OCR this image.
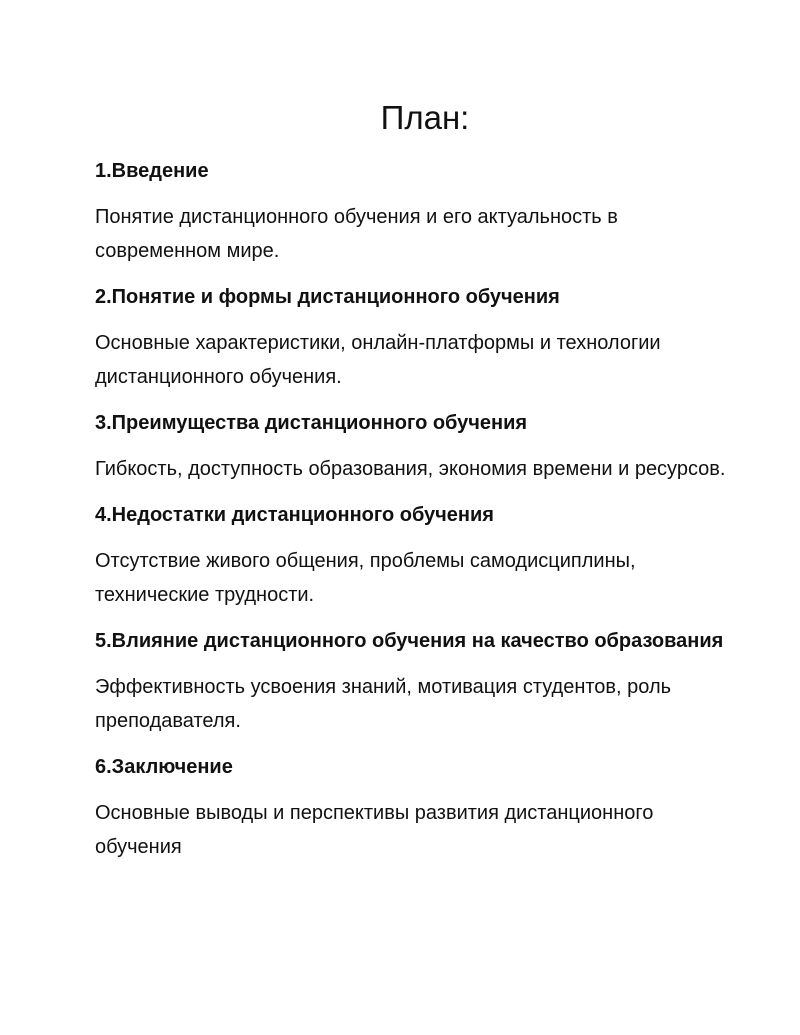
План:
1.Введение
Понятие дистанционного обучения и его актуальность в современном мире.
2.Понятие и формы дистанционного обучения
Основные характеристики, онлайн-платформы и технологии дистанционного обучения.
3.Преимущества дистанционного обучения
Гибкость, доступность образования, экономия времени и ресурсов.
4.Недостатки дистанционного обучения
Отсутствие живого общения, проблемы самодисциплины, технические трудности.
5.Влияние дистанционного обучения на качество образования
Эффективность усвоения знаний, мотивация студентов, роль преподавателя.
6.Заключение
Основные выводы и перспективы развития дистанционного обучения
